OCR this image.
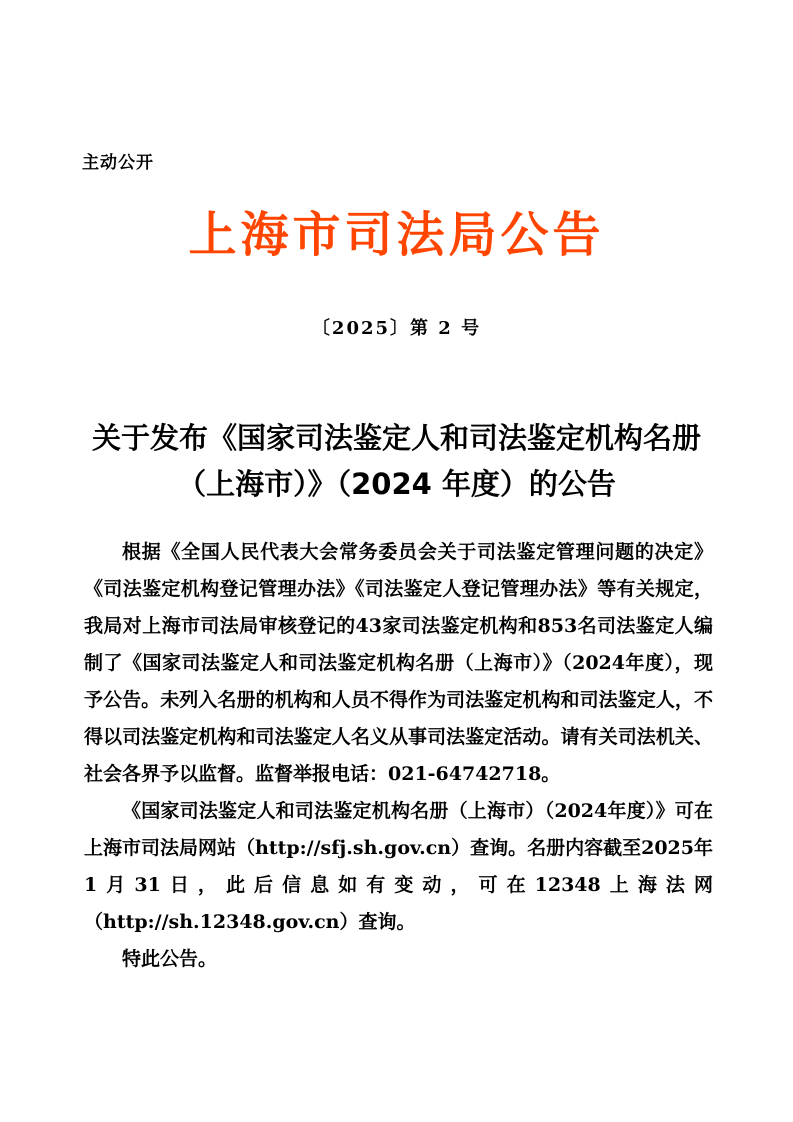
主动公开
上海市司法局公告
〔2025〕第 2 号
关于发布《国家司法鉴定人和司法鉴定机构名册
（上海市）》（2024 年度）的公告

根据《全国人民代表大会常务委员会关于司法鉴定管理问题的决定》《司法鉴定机构登记管理办法》《司法鉴定人登记管理办法》等有关规定，我局对上海市司法局审核登记的43家司法鉴定机构和853名司法鉴定人编制了《国家司法鉴定人和司法鉴定机构名册（上海市）》（2024年度），现予公告。未列入名册的机构和人员不得作为司法鉴定机构和司法鉴定人，不得以司法鉴定机构和司法鉴定人名义从事司法鉴定活动。请有关司法机关、社会各界予以监督。监督举报电话：021-64742718。

《国家司法鉴定人和司法鉴定机构名册（上海市）（2024年度）》可在上海市司法局网站（http://sfj.sh.gov.cn）查询。名册内容截至2025年1月31日，此后信息如有变动，可在12348上海法网（http://sh.12348.gov.cn）查询。

特此公告。
